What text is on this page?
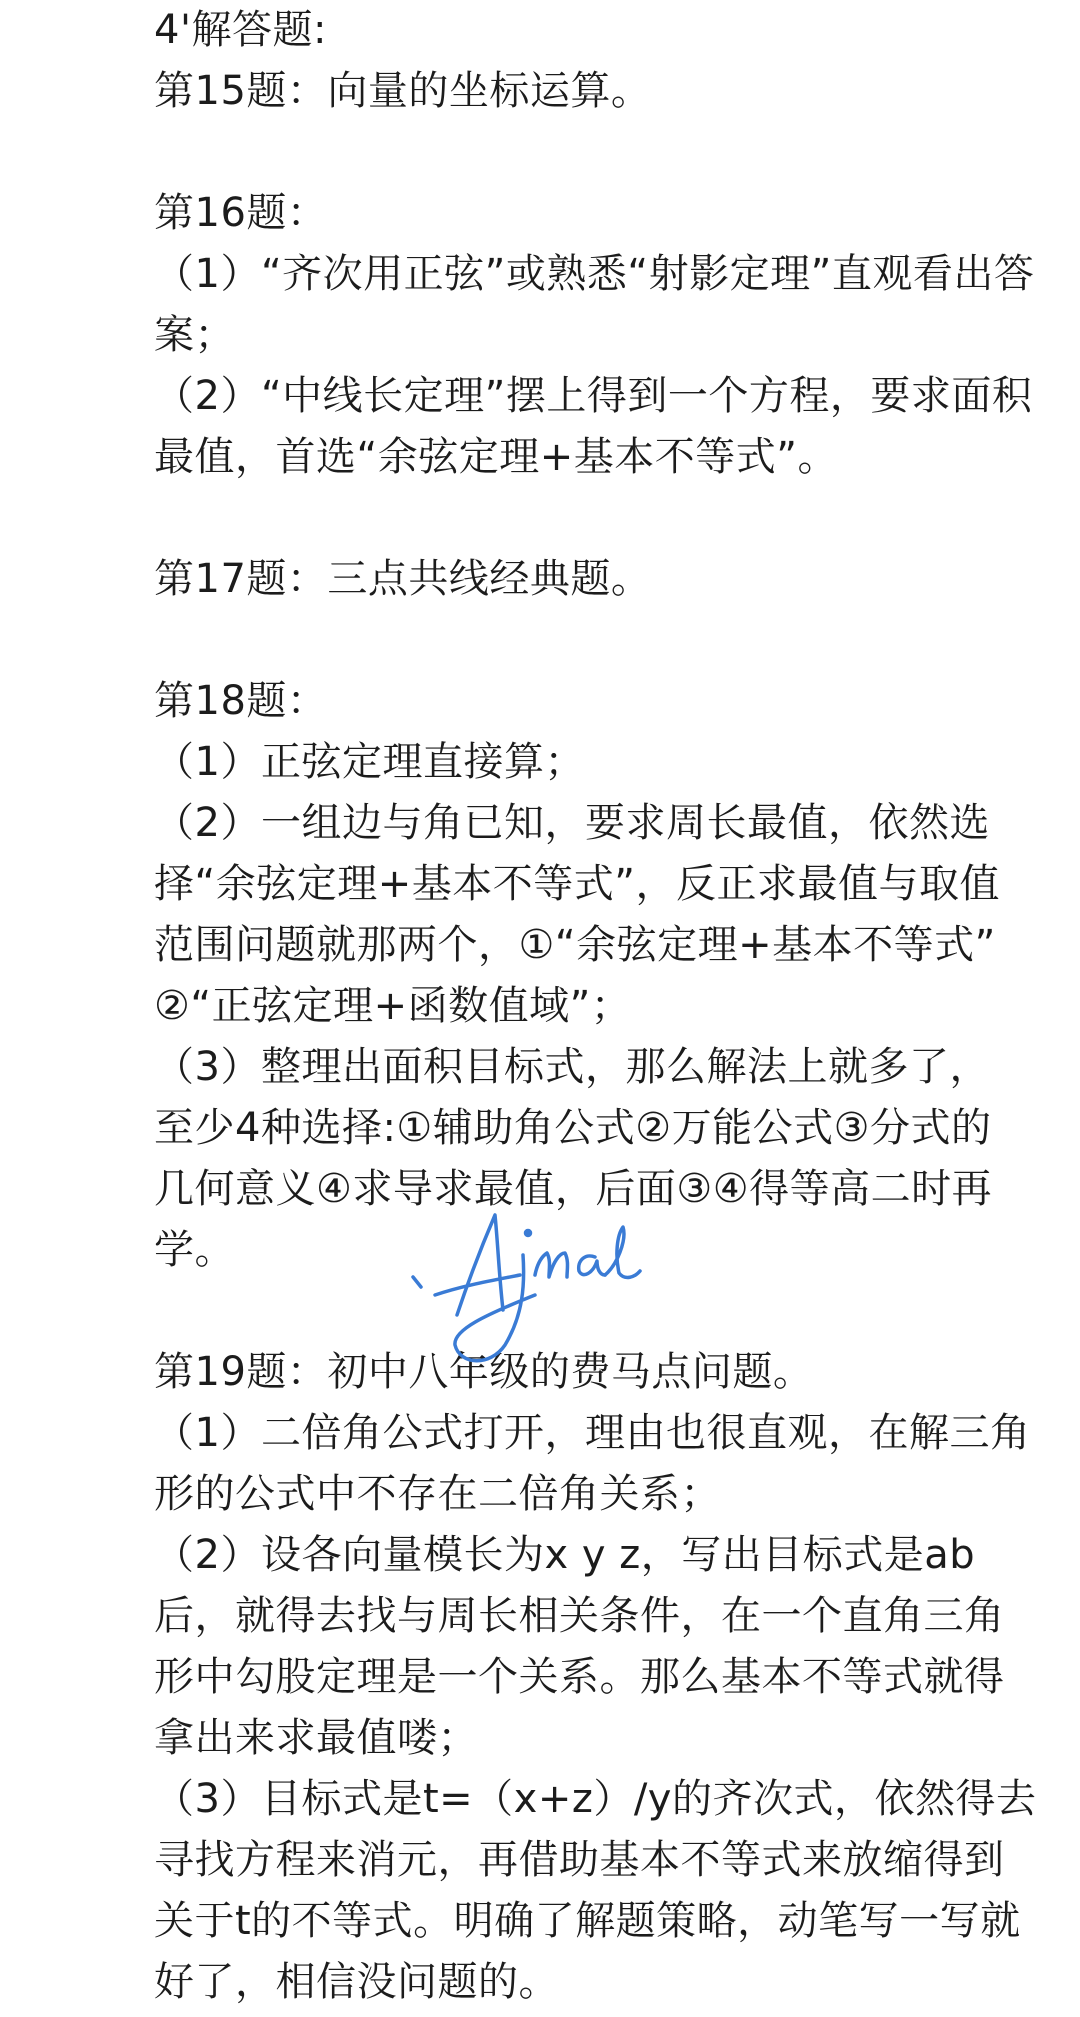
4'解答题:
第15题：向量的坐标运算。
第16题：
（1）“齐次用正弦”或熟悉“射影定理”直观看出答
案；
（2）“中线长定理”摆上得到一个方程，要求面积
最值，首选“余弦定理+基本不等式”。
第17题：三点共线经典题。
第18题：
（1）正弦定理直接算；
（2）一组边与角已知，要求周长最值，依然选
择“余弦定理+基本不等式”，反正求最值与取值
范围问题就那两个，①“余弦定理+基本不等式”
②“正弦定理+函数值域”；
（3）整理出面积目标式，那么解法上就多了，
至少4种选择:①辅助角公式②万能公式③分式的
几何意义④求导求最值，后面③④得等高二时再
学。
第19题：初中八年级的费马点问题。
（1）二倍角公式打开，理由也很直观，在解三角
形的公式中不存在二倍角关系；
（2）设各向量模长为x y z，写出目标式是ab
后，就得去找与周长相关条件，在一个直角三角
形中勾股定理是一个关系。那么基本不等式就得
拿出来求最值喽；
（3）目标式是t=（x+z）/y的齐次式，依然得去
寻找方程来消元，再借助基本不等式来放缩得到
关于t的不等式。明确了解题策略，动笔写一写就
好了，相信没问题的。
